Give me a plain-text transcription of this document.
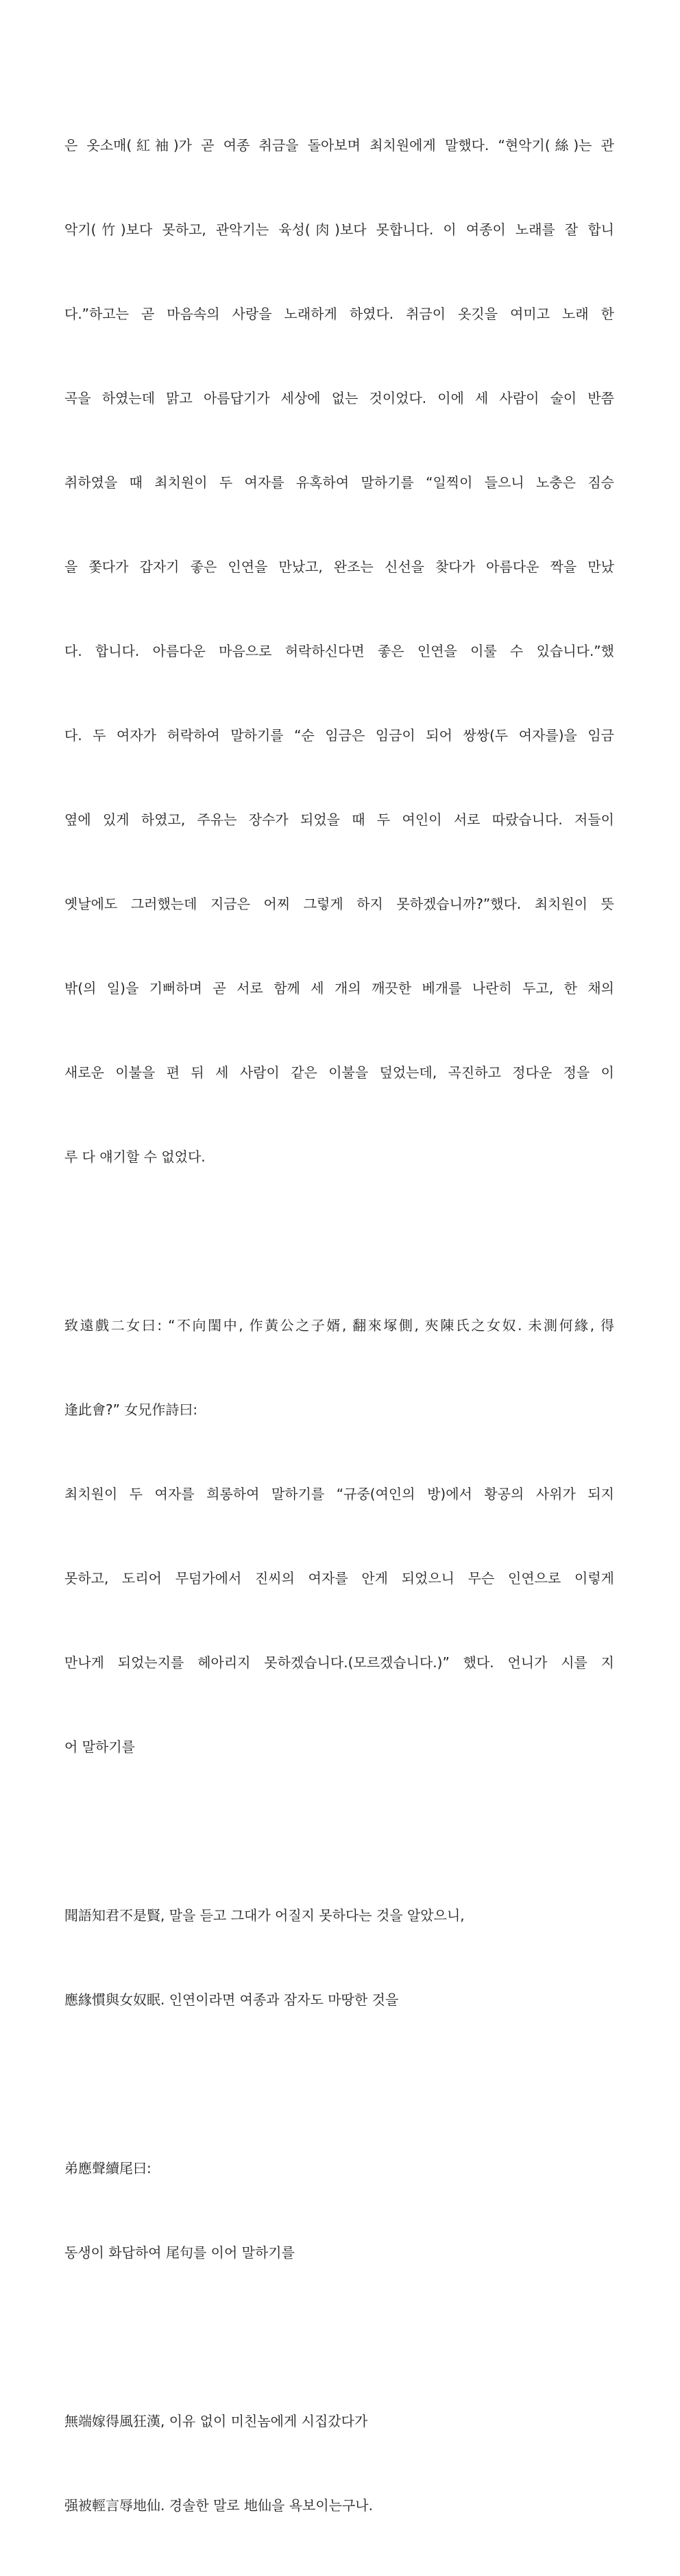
은 옷소매(紅袖)가 곧 여종 취금을 돌아보며 최치원에게 말했다. “현악기(絲)는 관

악기(竹)보다 못하고, 관악기는 육성(肉)보다 못합니다. 이 여종이 노래를 잘 합니

다.”하고는 곧 마음속의 사랑을 노래하게 하였다. 취금이 옷깃을 여미고 노래 한

곡을 하였는데 맑고 아름답기가 세상에 없는 것이었다. 이에 세 사람이 술이 반쯤

취하였을 때 최치원이 두 여자를 유혹하여 말하기를 “일찍이 들으니 노충은 짐승

을 쫓다가 갑자기 좋은 인연을 만났고, 완조는 신선을 찾다가 아름다운 짝을 만났

다. 합니다. 아름다운 마음으로 허락하신다면 좋은 인연을 이룰 수 있습니다.”했

다. 두 여자가 허락하여 말하기를 “순 임금은 임금이 되어 쌍쌍(두 여자를)을 임금

옆에 있게 하였고, 주유는 장수가 되었을 때 두 여인이 서로 따랐습니다. 저들이

옛날에도 그러했는데 지금은 어찌 그렇게 하지 못하겠습니까?”했다. 최치원이 뜻

밖(의 일)을 기뻐하며 곧 서로 함께 세 개의 깨끗한 베개를 나란히 두고, 한 채의

새로운 이불을 편 뒤 세 사람이 같은 이불을 덮었는데, 곡진하고 정다운 정을 이

루 다 얘기할 수 없었다.

致遠戲二女曰: “不向閨中, 作黃公之子婿, 翻來塚側, 夾陳氏之女奴. 未測何緣, 得

逢此會?” 女兄作詩曰:

최치원이 두 여자를 희롱하여 말하기를 “규중(여인의 방)에서 황공의 사위가 되지

못하고, 도리어 무덤가에서 진씨의 여자를 안게 되었으니 무슨 인연으로 이렇게

만나게 되었는지를 헤아리지 못하겠습니다.(모르겠습니다.)” 했다. 언니가 시를 지

어 말하기를

聞語知君不是賢, 말을 듣고 그대가 어질지 못하다는 것을 알았으니,

應緣慣與女奴眠. 인연이라면 여종과 잠자도 마땅한 것을

弟應聲續尾曰:

동생이 화답하여 尾句를 이어 말하기를

無端嫁得風狂漢, 이유 없이 미친놈에게 시집갔다가

强被輕言辱地仙. 경솔한 말로 地仙을 욕보이는구나.
